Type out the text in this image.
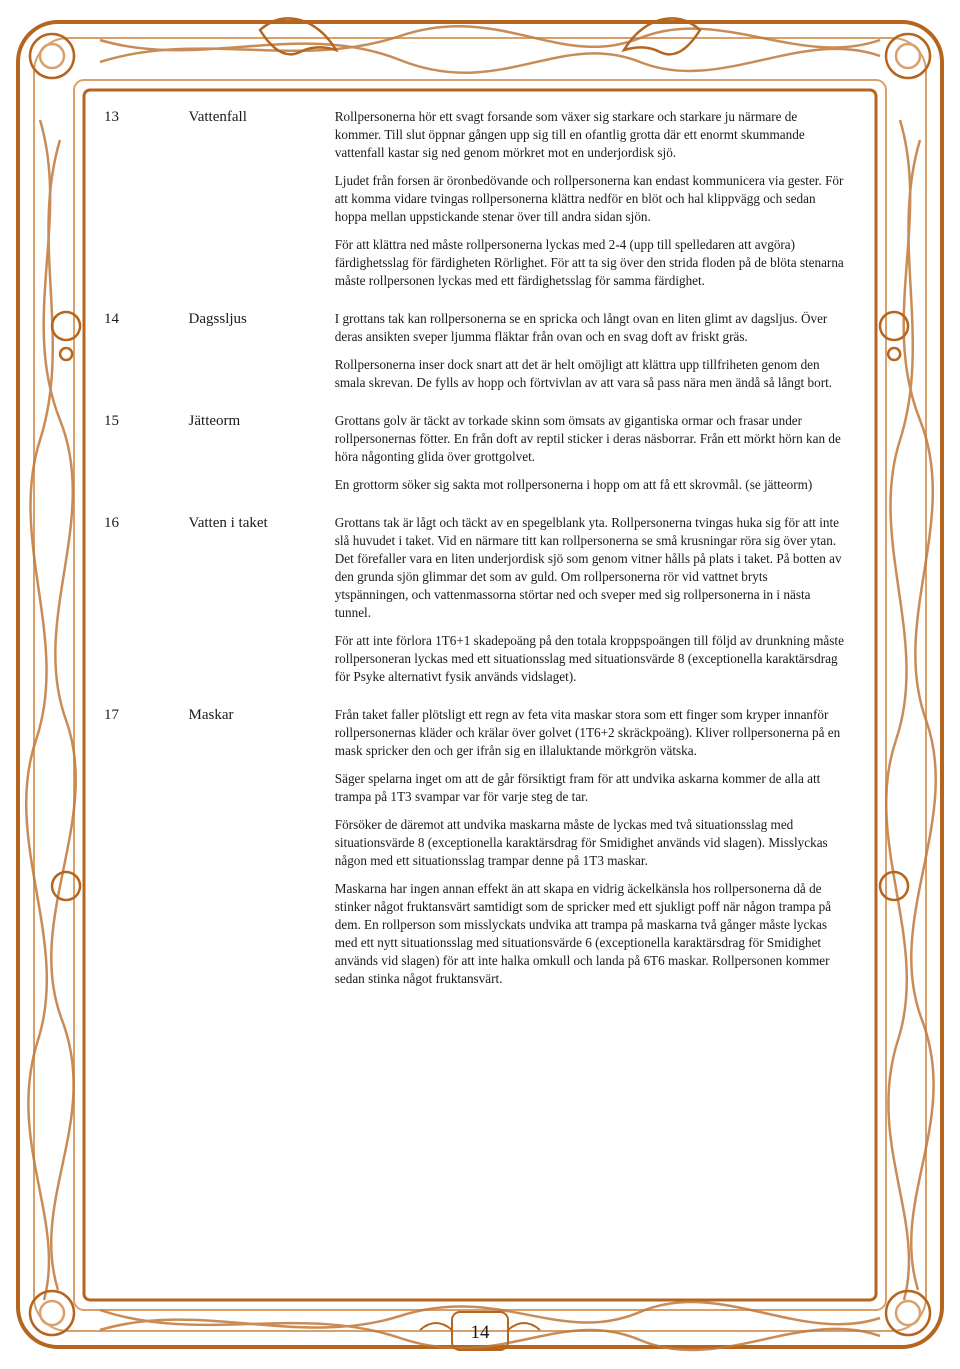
13	Vattenfall	Rollpersonerna hör ett svagt forsande som växer sig starkare och starkare ju närmare de kommer. Till slut öppnar gången upp sig till en ofantlig grotta där ett enormt skummande vattenfall kastar sig ned genom mörkret mot en underjordisk sjö.

Ljudet från forsen är öronbedövande och rollpersonerna kan endast kommunicera via gester. För att komma vidare tvingas rollpersonerna klättra nedför en blöt och hal klippvägg och sedan hoppa mellan uppstickande stenar över till andra sidan sjön.

För att klättra ned måste rollpersonerna lyckas med 2-4 (upp till spelledaren att avgöra) färdighetsslag för färdigheten Rörlighet. För att ta sig över den strida floden på de blöta stenarna måste rollpersonen lyckas med ett färdighetsslag för samma färdighet.

14	Dagssljus	I grottans tak kan rollpersonerna se en spricka och långt ovan en liten glimt av dagsljus. Över deras ansikten sveper ljumma fläktar från ovan och en svag doft av friskt gräs.

Rollpersonerna inser dock snart att det är helt omöjligt att klättra upp tillfriheten genom den smala skrevan. De fylls av hopp och förtvivlan av att vara så pass nära men ändå så långt bort.

15	Jätteorm	Grottans golv är täckt av torkade skinn som ömsats av gigantiska ormar och frasar under rollpersonernas fötter. En från doft av reptil sticker i deras näsborrar. Från ett mörkt hörn kan de höra någonting glida över grottgolvet.

En grottorm söker sig sakta mot rollpersonerna i hopp om att få ett skrovmål. (se jätteorm)

16	Vatten i taket	Grottans tak är lågt och täckt av en spegelblank yta. Rollpersonerna tvingas huka sig för att inte slå huvudet i taket. Vid en närmare titt kan rollpersonerna se små krusningar röra sig över ytan. Det förefaller vara en liten underjordisk sjö som genom vitner hålls på plats i taket. På botten av den grunda sjön glimmar det som av guld. Om rollpersonerna rör vid vattnet bryts ytspänningen, och vattenmassorna störtar ned och sveper med sig rollpersonerna in i nästa tunnel.

För att inte förlora 1T6+1 skadepoäng på den totala kroppspoängen till följd av drunkning måste rollpersoneran lyckas med ett situationsslag med situationsvärde 8 (exceptionella karaktärsdrag för Psyke alternativt fysik används vidslaget).

17	Maskar	Från taket faller plötsligt ett regn av feta vita maskar stora som ett finger som kryper innanför rollpersonernas kläder och krälar över golvet (1T6+2 skräckpoäng). Kliver rollpersonerna på en mask spricker den och ger ifrån sig en illaluktande mörkgrön vätska.

Säger spelarna inget om att de går försiktigt fram för att undvika askarna kommer de alla att trampa på 1T3 svampar var för varje steg de tar.

Försöker de däremot att undvika maskarna måste de lyckas med två situationsslag med situationsvärde 8 (exceptionella karaktärsdrag för Smidighet används vid slagen). Misslyckas någon med ett situationsslag trampar denne på 1T3 maskar.

Maskarna har ingen annan effekt än att skapa en vidrig äckelkänsla hos rollpersonerna då de stinker något fruktansvärt samtidigt som de spricker med ett sjukligt poff när någon trampa på dem. En rollperson som misslyckats undvika att trampa på maskarna två gånger måste lyckas med ett nytt situationsslag med situationsvärde 6 (exceptionella karaktärsdrag för Smidighet används vid slagen) för att inte halka omkull och landa på 6T6 maskar. Rollpersonen kommer sedan stinka något fruktansvärt.

14
